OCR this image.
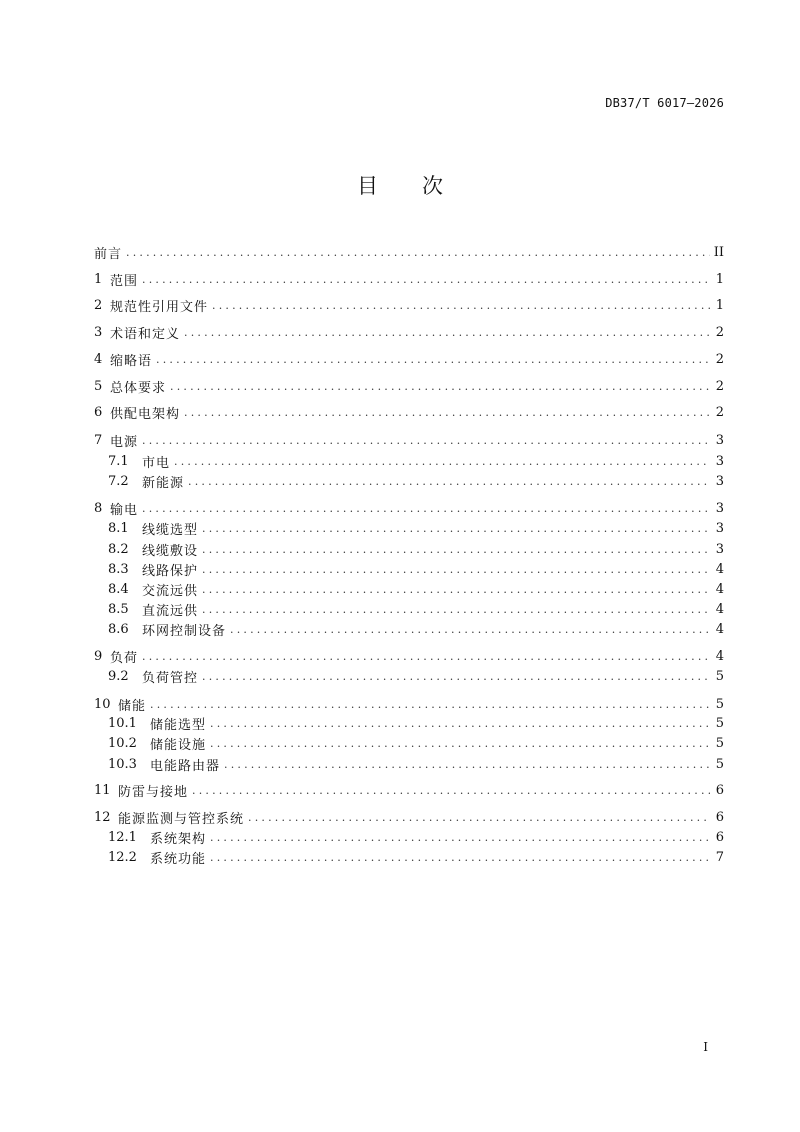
DB37/T 6017—2026
目次
前言 .....	II
1 范围 .....	1
2 规范性引用文件 .....	1
3 术语和定义 .....	2
4 缩略语 .....	2
5 总体要求 .....	2
6 供配电架构 .....	2
7 电源 .....	3
7.1	市电 .....	3
7.2	新能源 .....	3
8 输电 .....	3
8.1	线缆选型 .....	3
8.2	线缆敷设 .....	3
8.3	线路保护 .....	4
8.4	交流远供 .....	4
8.5	直流远供 .....	4
8.6	环网控制设备 .....	4
9 负荷 .....	4
9.2	负荷管控 .....	5
10 储能 .....	5
10.1	储能选型 .....	5
10.2	储能设施 .....	5
10.3	电能路由器 .....	5
11 防雷与接地 .....	6
12 能源监测与管控系统 .....	6
12.1	系统架构 .....	6
12.2	系统功能 .....	7
I
